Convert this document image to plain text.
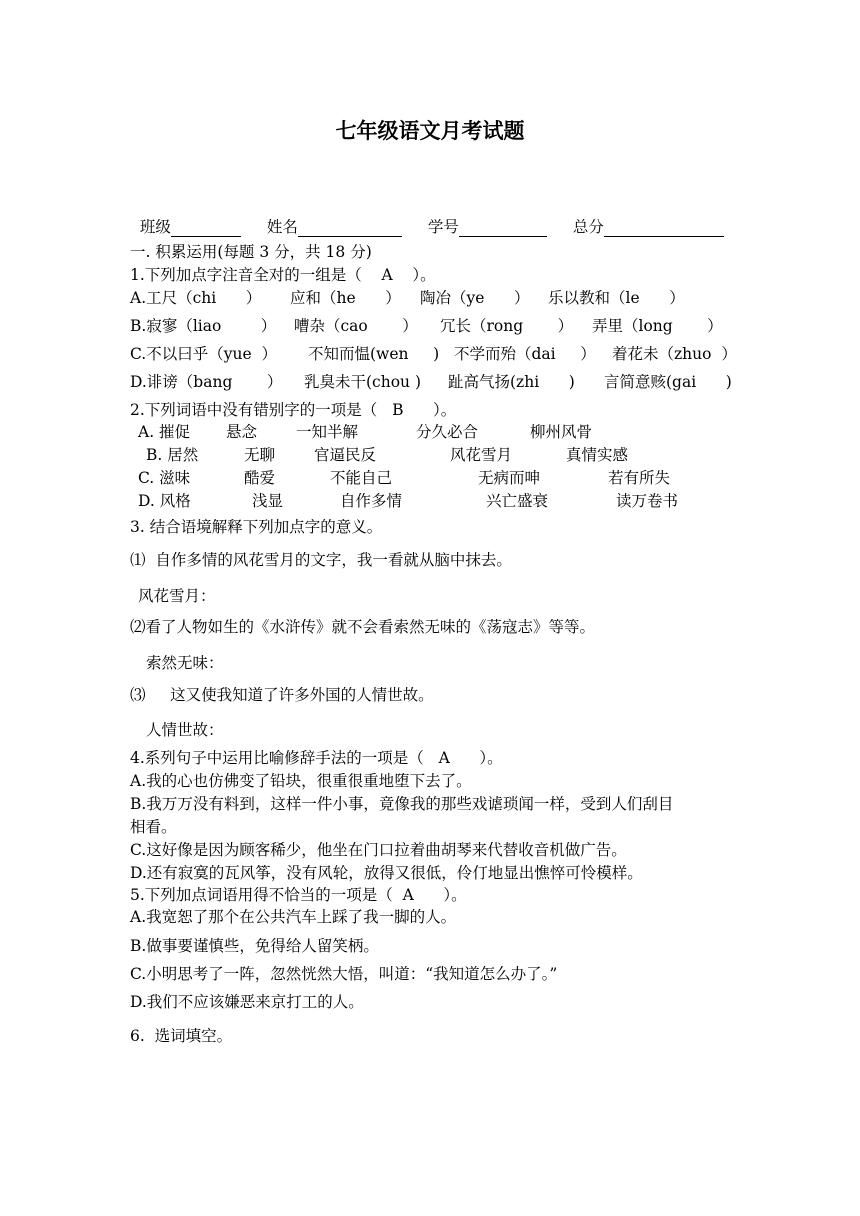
七年级语文月考试题

班级	姓名	学号	总分

一. 积累运用(每题 3 分，共 18 分)
1.下列加点字注音全对的一组是（    A    ）。
A.工尺（chi      ） 应和（he      ） 陶冶（ye      ） 乐以教和（le      ）
B.寂寥（liao        ） 嘈杂（cao       ） 冗长（rong       ） 弄里（long       ）
C.不以曰乎（yue  ） 不知而愠(wen     ) 不学而殆（dai     ） 着花未（zhuo  ）
D.诽谤（bang       ） 乳臭未干(chou ) 趾高气扬(zhi      ) 言简意赅(gai      )
2.下列词语中没有错别字的一项是（   B      ）。
A. 摧促 悬念	一知半解	分久必合	柳州风骨
B. 居然	无聊	官逼民反	风花雪月	真情实感
C. 滋味	酷爱	不能自己	无病而呻	若有所失
D. 风格	浅显	自作多情	兴亡盛衰	读万卷书
3. 结合语境解释下列加点字的意义。
⑴  自作多情的风花雪月的文字，我一看就从脑中抹去。
风花雪月：
⑵看了人物如生的《水浒传》就不会看索然无味的《荡寇志》等等。
索然无味：
⑶     这又使我知道了许多外国的人情世故。
人情世故：
4.系列句子中运用比喻修辞手法的一项是（   A      ）。
A.我的心也仿佛变了铅块，很重很重地堕下去了。
B.我万万没有料到，这样一件小事，竟像我的那些戏谑琐闻一样，受到人们刮目
相看。
C.这好像是因为顾客稀少，他坐在门口拉着曲胡琴来代替收音机做广告。
D.还有寂寞的瓦风筝，没有风轮，放得又很低，伶仃地显出憔悴可怜模样。
5.下列加点词语用得不恰当的一项是（  A      ）。
A.我宽恕了那个在公共汽车上踩了我一脚的人。
B.做事要谨慎些，免得给人留笑柄。
C.小明思考了一阵，忽然恍然大悟，叫道：“我知道怎么办了。”
D.我们不应该嫌恶来京打工的人。
6.  选词填空。
